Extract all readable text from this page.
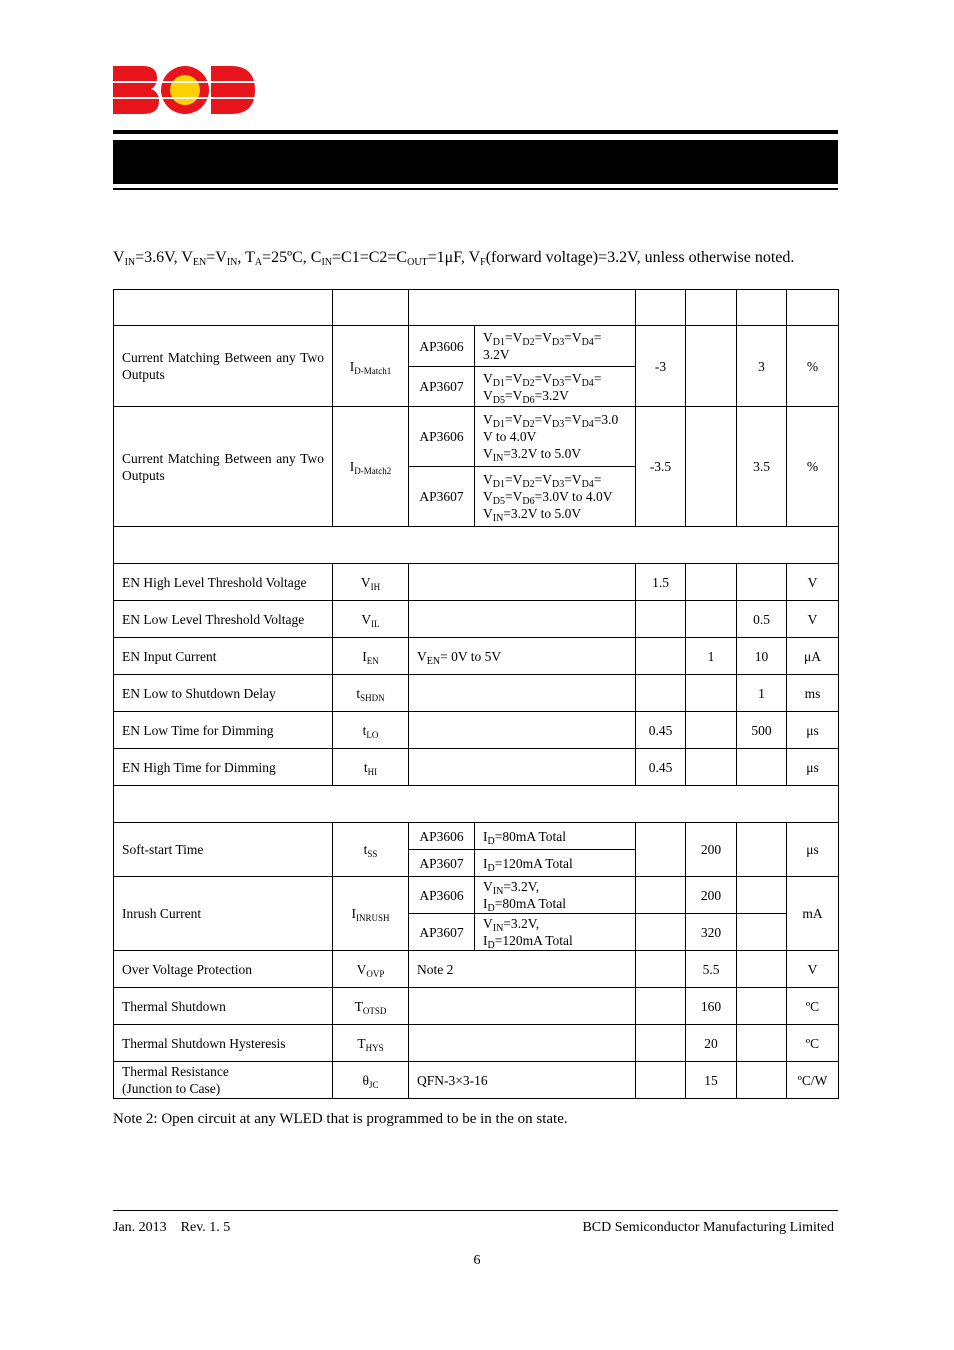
$V_{IN}=3.6V$, $V_{EN}=V_{IN}$, $T_A=25ºC$, $C_{IN}=C1=C2=C_{OUT}=1\mu F$, $V_F(forward$ voltage)=3.2V, unless otherwise noted.

Current Matching Between any Two Outputs	$I_{D-Match1}$	AP3606	$V_{D1}=V_{D2}=V_{D3}=V_{D4}=$
3.2V	-3		3	%
		AP3607	$V_{D1}=V_{D2}=V_{D3}=V_{D4}=$
$V_{D5}=V_{D6}=3.2V$				
Current Matching Between any Two Outputs	$I_{D-Match2}$	AP3606	$V_{D1}=V_{D2}=V_{D3}=V_{D4}=3.0$
V to 4.0V
$V_{IN}=3.2V$ to 5.0V	-3.5		3.5	%
		AP3607	$V_{D1}=V_{D2}=V_{D3}=V_{D4}=$
$V_{D5}=V_{D6}=3.0V$ to 4.0V
$V_{IN}=3.2V$ to 5.0V				

EN High Level Threshold Voltage	$V_{IH}$			1.5			V
EN Low Level Threshold Voltage	$V_{IL}$					0.5	V
EN Input Current	$I_{EN}$	$V_{EN}= 0V$ to 5V			1	10	μA
EN Low to Shutdown Delay	$t_{SHDN}$					1	ms
EN Low Time for Dimming	$t_{LO}$			0.45		500	μs
EN High Time for Dimming	$t_{HI}$			0.45			μs

Soft-start Time	$t_{SS}$	AP3606	$I_D=80mA$ Total		200		μs
		AP3607	$I_D=120mA$ Total				
Inrush Current	$I_{INRUSH}$	AP3606	$V_{IN}=3.2V$,
$I_D=80mA$ Total		200		mA
		AP3607	$V_{IN}=3.2V$,
$I_D=120mA$ Total		320		
Over Voltage Protection	$V_{OVP}$	Note 2			5.5		V
Thermal Shutdown	$T_{OTSD}$				160		ºC
Thermal Shutdown Hysteresis	$T_{HYS}$				20		ºC
Thermal Resistance
(Junction to Case)	$\theta_{JC}$	QFN-3×3-16			15		ºC/W
Note 2: Open circuit at any WLED that is programmed to be in the on state.
Jan. 2013    Rev. 1. 5	BCD Semiconductor Manufacturing Limited
6
